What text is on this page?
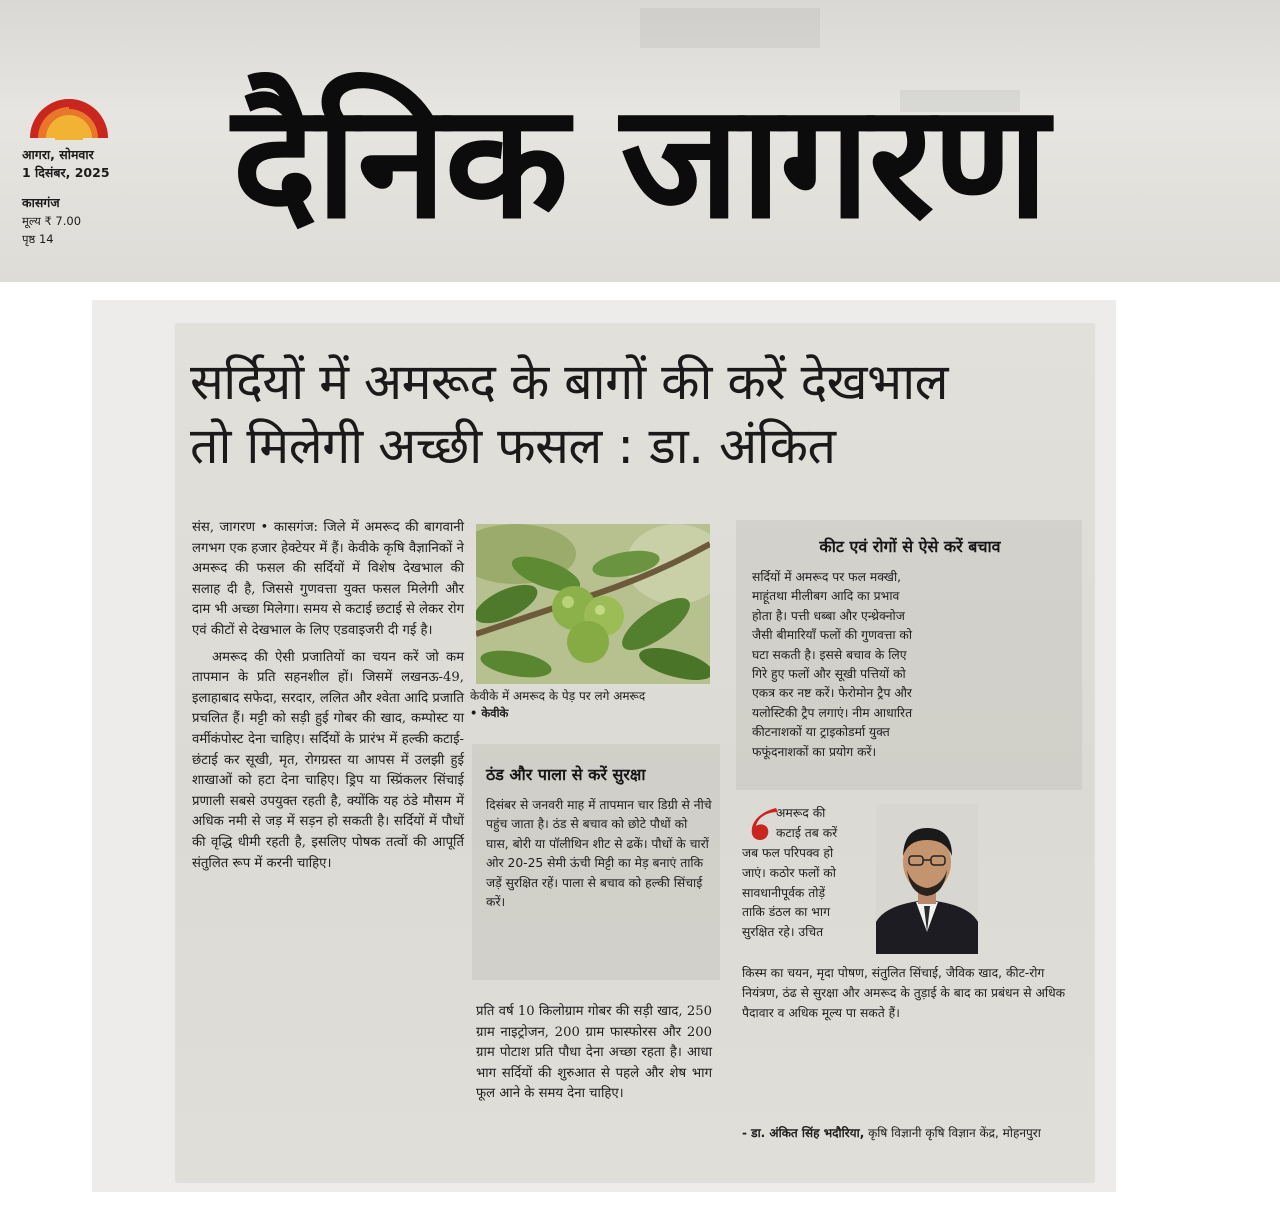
आगरा, सोमवार
1 दिसंबर, 2025
कासगंज
मूल्य ₹ 7.00
पृष्ठ 14	दैनिक जागरण
सर्दियों में अमरूद के बागों की करें देखभाल
तो मिलेगी अच्छी फसल : डा. अंकित

संस, जागरण • कासगंज: जिले में अमरूद की बागवानी लगभग एक हजार हेक्टेयर में हैं। केवीके कृषि वैज्ञानिकों ने अमरूद की फसल की सर्दियों में विशेष देखभाल की सलाह दी है, जिससे गुणवत्ता युक्त फसल मिलेगी और दाम भी अच्छा मिलेगा। समय से कटाई छटाई से लेकर रोग एवं कीटों से देखभाल के लिए एडवाइजरी दी गई है।

अमरूद की ऐसी प्रजातियों का चयन करें जो कम तापमान के प्रति सहनशील हों। जिसमें लखनऊ-49, इलाहाबाद सफेदा, सरदार, ललित और श्वेता आदि प्रजाति प्रचलित हैं। मट्टी को सड़ी हुई गोबर की खाद, कम्पोस्ट या वर्मीकंपोस्ट देना चाहिए। सर्दियों के प्रारंभ में हल्की कटाई-छंटाई कर सूखी, मृत, रोगग्रस्त या आपस में उलझी हुई शाखाओं को हटा देना चाहिए। ड्रिप या स्प्रिंकलर सिंचाई प्रणाली सबसे उपयुक्त रहती है, क्योंकि यह ठंडे मौसम में अधिक नमी से जड़ में सड़न हो सकती है। सर्दियों में पौधों की वृद्धि धीमी रहती है, इसलिए पोषक तत्वों की आपूर्ति संतुलित रूप में करनी चाहिए।

केवीके में अमरूद के पेड़ पर लगे अमरूद
• केवीके
ठंड और पाला से करें सुरक्षा
दिसंबर से जनवरी माह में तापमान चार डिग्री से नीचे पहुंच जाता है। ठंड से बचाव को छोटे पौधों को घास, बोरी या पॉलीथिन शीट से ढकें। पौधों के चारों ओर 20-25 सेमी ऊंची मिट्टी का मेड़ बनाएं ताकि जड़ें सुरक्षित रहें। पाला से बचाव को हल्की सिंचाई करें।

प्रति वर्ष 10 किलोग्राम गोबर की सड़ी खाद, 250 ग्राम नाइट्रोजन, 200 ग्राम फास्फोरस और 200 ग्राम पोटाश प्रति पौधा देना अच्छा रहता है। आधा भाग सर्दियों की शुरुआत से पहले और शेष भाग फूल आने के समय देना चाहिए।

कीट एवं रोगों से ऐसे करें बचाव
सर्दियों में अमरूद पर फल मक्खी, माहूंतथा मीलीबग आदि का प्रभाव होता है। पत्ती धब्बा और एन्थ्रेक्नोज जैसी बीमारियाँ फलों की गुणवत्ता को घटा सकती है। इससे बचाव के लिए गिरे हुए फलों और सूखी पत्तियों को एकत्र कर नष्ट करें। फेरोमोन ट्रैप और यलोस्टिकी ट्रैप लगाएं। नीम आधारित कीटनाशकों या ट्राइकोडर्मा युक्त फफूंदनाशकों का प्रयोग करें।
अमरूद की
कटाई तब करें
जब फल परिपक्व हो
जाएं। कठोर फलों को
सावधानीपूर्वक तोड़ें
ताकि डंठल का भाग
सुरक्षित रहे। उचित
किस्म का चयन, मृदा पोषण, संतुलित सिंचाई, जैविक खाद, कीट-रोग नियंत्रण, ठंढ से सुरक्षा और अमरूद के तुड़ाई के बाद का प्रबंधन से अधिक पैदावार व अधिक मूल्य पा सकते हैं।
- डा. अंकित सिंह भदौरिया, कृषि विज्ञानी कृषि विज्ञान केंद्र, मोहनपुरा
